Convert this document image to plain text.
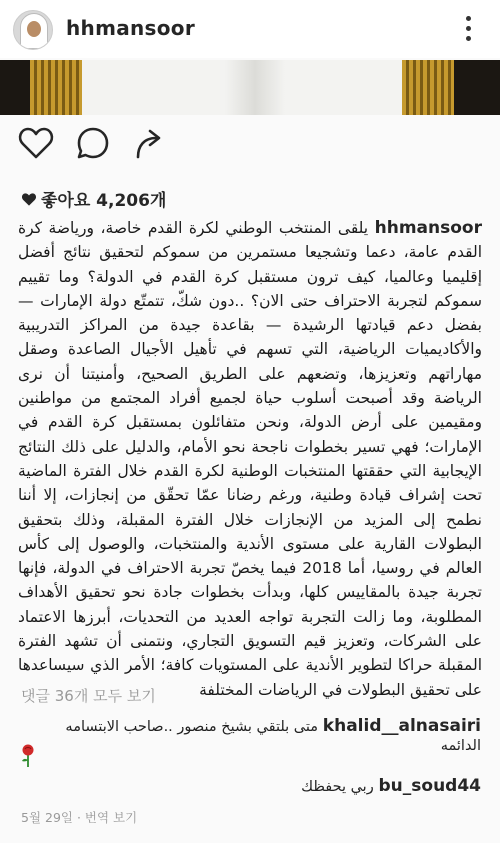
hhmansoor
좋아요 4,206개
hhmansoor يلقى المنتخب الوطني لكرة القدم خاصة، ورياضة كرة القدم عامة، دعما وتشجيعا مستمرين من سموكم لتحقيق نتائج أفضل إقليميا وعالميا، كيف ترون مستقبل كرة القدم في الدولة؟ وما تقييم سموكم لتجربة الاحتراف حتى الان؟ ..دون شكّ، تتمتّع دولة الإمارات — بفضل دعم قيادتها الرشيدة — بقاعدة جيدة من المراكز التدريبية والأكاديميات الرياضية، التي تسهم في تأهيل الأجيال الصاعدة وصقل مهاراتهم وتعزيزها، وتضعهم على الطريق الصحيح، وأمنيتنا أن نرى الرياضة وقد أصبحت أسلوب حياة لجميع أفراد المجتمع من مواطنين ومقيمين على أرض الدولة، ونحن متفائلون بمستقبل كرة القدم في الإمارات؛ فهي تسير بخطوات ناجحة نحو الأمام، والدليل على ذلك النتائج الإيجابية التي حققتها المنتخبات الوطنية لكرة القدم خلال الفترة الماضية تحت إشراف قيادة وطنية، ورغم رضانا عمّا تحقّق من إنجازات، إلا أننا نطمح إلى المزيد من الإنجازات خلال الفترة المقبلة، وذلك بتحقيق البطولات القارية على مستوى الأندية والمنتخبات، والوصول إلى كأس العالم في روسيا، أما 2018 فيما يخصّ تجربة الاحتراف في الدولة، فإنها تجربة جيدة بالمقاييس كلها، وبدأت بخطوات جادة نحو تحقيق الأهداف المطلوبة، وما زالت التجربة تواجه العديد من التحديات، أبرزها الاعتماد على الشركات، وتعزيز قيم التسويق التجاري، ونتمنى أن تشهد الفترة المقبلة حراكا لتطوير الأندية على المستويات كافة؛ الأمر الذي سيساعدها على تحقيق البطولات في الرياضات المختلفة
댓글 36개 모두 보기
khalid__alnasairi متى بلتقي بشيخ منصور ..صاحب الابتسامه الدائمه
bu_soud44 ربي يحفظك
5월 29일 · 번역 보기
